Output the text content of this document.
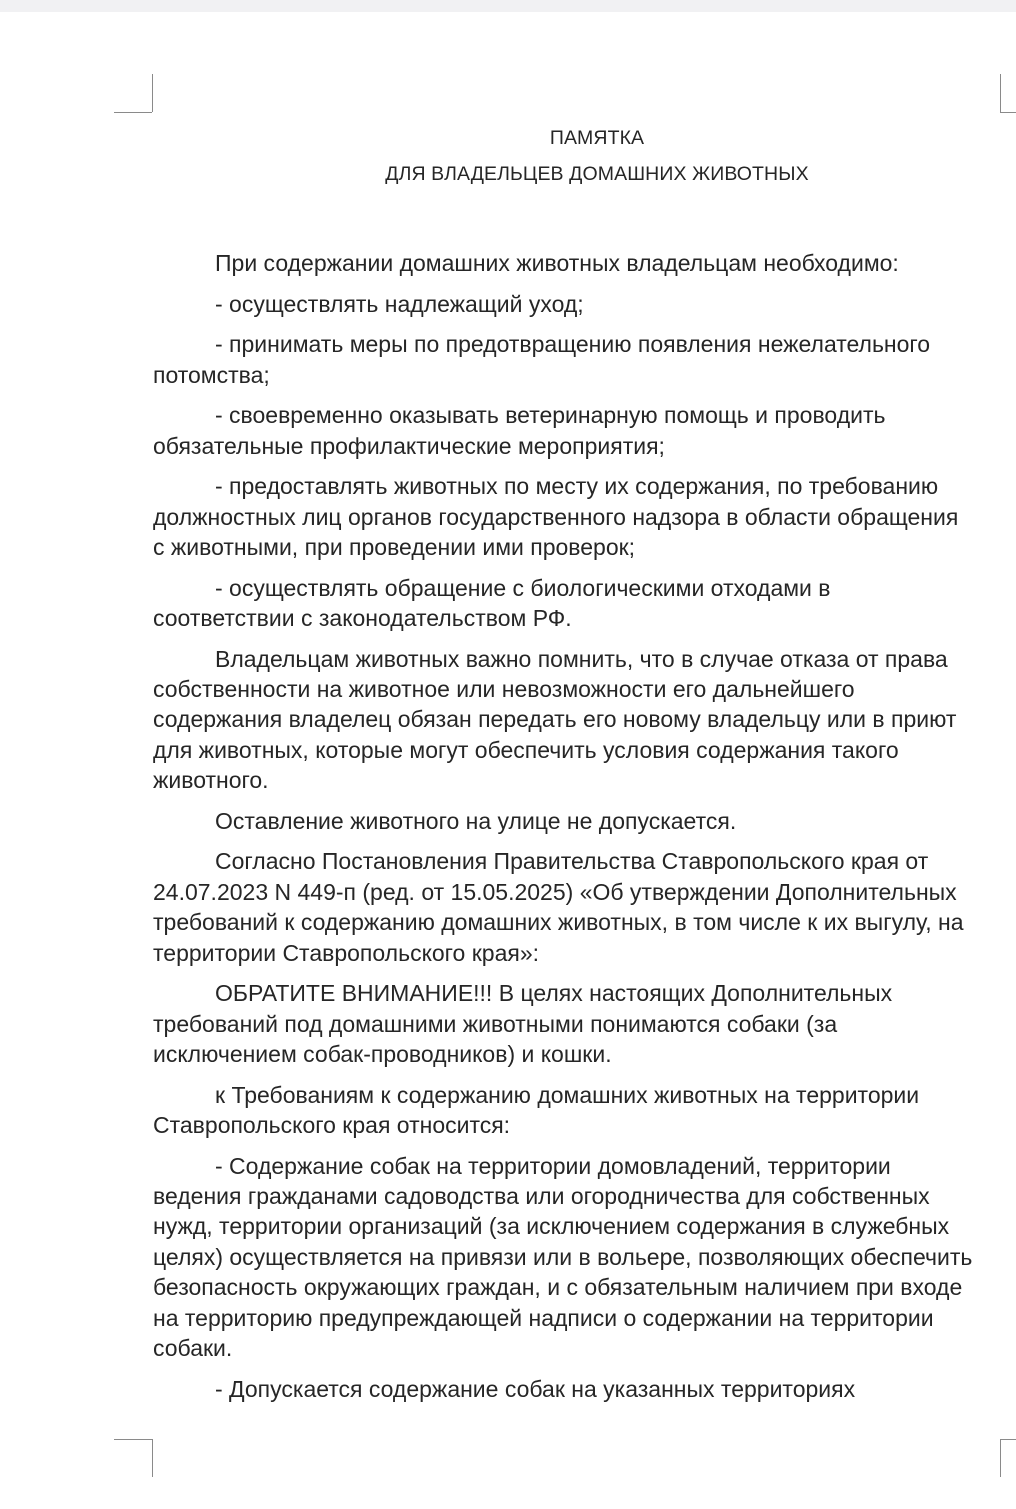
ПАМЯТКА
ДЛЯ ВЛАДЕЛЬЦЕВ ДОМАШНИХ ЖИВОТНЫХ

При содержании домашних животных владельцам необходимо:

- осуществлять надлежащий уход;

- принимать меры по предотвращению появления нежелательного потомства;

- своевременно оказывать ветеринарную помощь и проводить обязательные профилактические мероприятия;

- предоставлять животных по месту их содержания, по требованию должностных лиц органов государственного надзора в области обращения с животными, при проведении ими проверок;

- осуществлять обращение с биологическими отходами в соответствии с законодательством РФ.

Владельцам животных важно помнить, что в случае отказа от права собственности на животное или невозможности его дальнейшего содержания владелец обязан передать его новому владельцу или в приют для животных, которые могут обеспечить условия содержания такого животного.

Оставление животного на улице не допускается.

Согласно Постановления Правительства Ставропольского края от 24.07.2023 N 449-п (ред. от 15.05.2025) «Об утверждении Дополнительных требований к содержанию домашних животных, в том числе к их выгулу, на территории Ставропольского края»:

ОБРАТИТЕ ВНИМАНИЕ!!! В целях настоящих Дополнительных требований под домашними животными понимаются собаки (за исключением собак-проводников) и кошки.

к Требованиям к содержанию домашних животных на территории Ставропольского края относится:

- Содержание собак на территории домовладений, территории ведения гражданами садоводства или огородничества для собственных нужд, территории организаций (за исключением содержания в служебных целях) осуществляется на привязи или в вольере, позволяющих обеспечить безопасность окружающих граждан, и с обязательным наличием при входе на территорию предупреждающей надписи о содержании на территории собаки.

- Допускается содержание собак на указанных территориях
